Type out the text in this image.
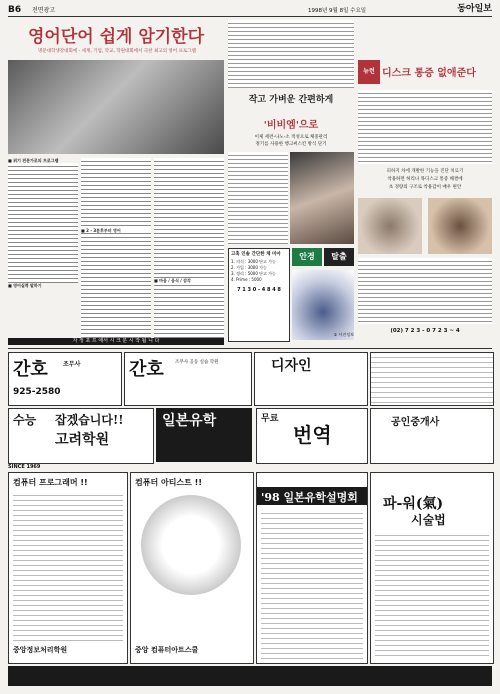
B6 전면광고	1998년 9월 8일 수요일	동아일보
영어단어 쉽게 암기한다
명문대학생강대회에 - 세계, 기업, 학교, 학원대회에서 극찬 최고의 영어 프로그램
■ 위기 전문가로의 프로그램
■ 영어실력 말하기
■ 2 - 3분후부터 영어
■ 마음 / 음식 / 감각
자 정 포 프 에서 시 크 분 시 작 됩 니 다
작고 가벼운 간편하게
'비비엠'으로
이제 세련-나노-소 적성으로 체중관리
정기를 사용한 행크써스킨 방식 단기
고혹 인솔 간단한 체 미아
1. 의식 : 3000 단고 가능
2. 가입 : 3000 가능
3. 정리 : 5000 단고 가능
4. Prime : 5000
7 1 3 0 - 4 8 4 8
안경	탈출
① 사진정보
뉴런 디스크 통증 없애준다
피하지 차에 개발한 기능을 진단 치료기
착용하면 허리나 목디스크 통증 해결에
초 경량의 구조로 착용감이 매우 편안
(02) 7 2 3 - 0 7 2 3 ~ 4
간호	조무사
925-2580
간호 조무사 공동 실습 학원	디자인
수능 잡겠습니다!!
고려학원
일본유학	무료
번역
공인중개사
SINCE 1969
컴퓨터 프로그래머 !!
중앙정보처리학원
컴퓨터 아티스트 !!
중앙 컴퓨터아트스쿨
'98 일본유학설명회 파-워(氣)
시술법
